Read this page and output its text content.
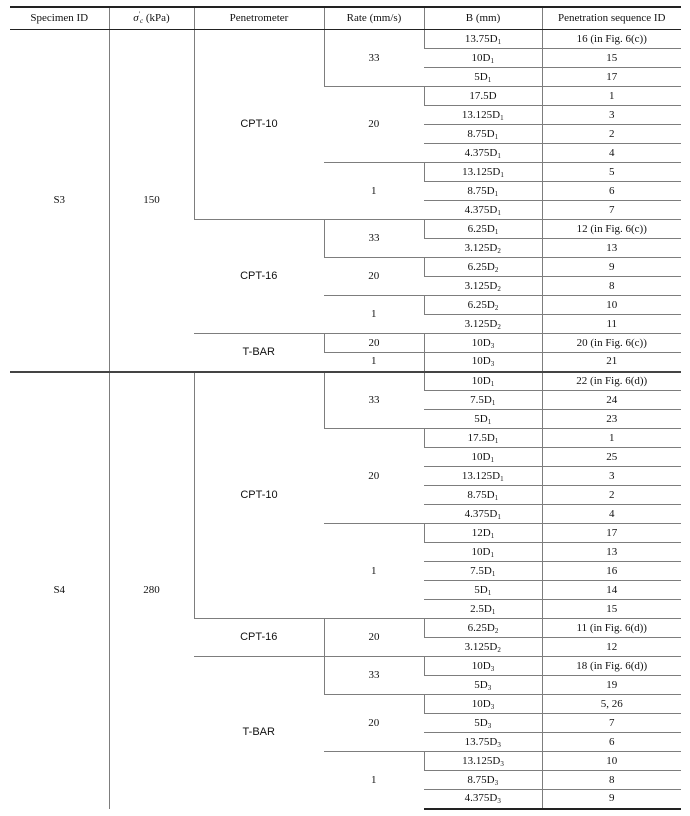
Specimen ID	$\sigma'_c$ (kPa)	Penetrometer	Rate (mm/s)	B (mm)	Penetration sequence ID
S3	150	CPT-10	33	$13.75D_1$	16 (in Fig. 6(c))
				$10D_1$	15
				$5D_1$	17
			20	17.5D	1
				$13.125D_1$	3
				$8.75D_1$	2
				$4.375D_1$	4
			1	$13.125D_1$	5
				$8.75D_1$	6
				$4.375D_1$	7
		CPT-16	33	$6.25D_1$	12 (in Fig. 6(c))
				$3.125D_2$	13
			20	$6.25D_2$	9
				$3.125D_2$	8
			1	$6.25D_2$	10
				$3.125D_2$	11
		T-BAR	20	$10D_3$	20 (in Fig. 6(c))
			1	$10D_3$	21
S4	280	CPT-10	33	$10D_1$	22 (in Fig. 6(d))
				$7.5D_1$	24
				$5D_1$	23
			20	$17.5D_1$	1
				$10D_1$	25
				$13.125D_1$	3
				$8.75D_1$	2
				$4.375D_1$	4
			1	$12D_1$	17
				$10D_1$	13
				$7.5D_1$	16
				$5D_1$	14
				$2.5D_1$	15
		CPT-16	20	$6.25D_2$	11 (in Fig. 6(d))
				$3.125D_2$	12
		T-BAR	33	$10D_3$	18 (in Fig. 6(d))
				$5D_3$	19
			20	$10D_3$	5, 26
				$5D_3$	7
				$13.75D_3$	6
			1	$13.125D_3$	10
				$8.75D_3$	8
				$4.375D_3$	9
